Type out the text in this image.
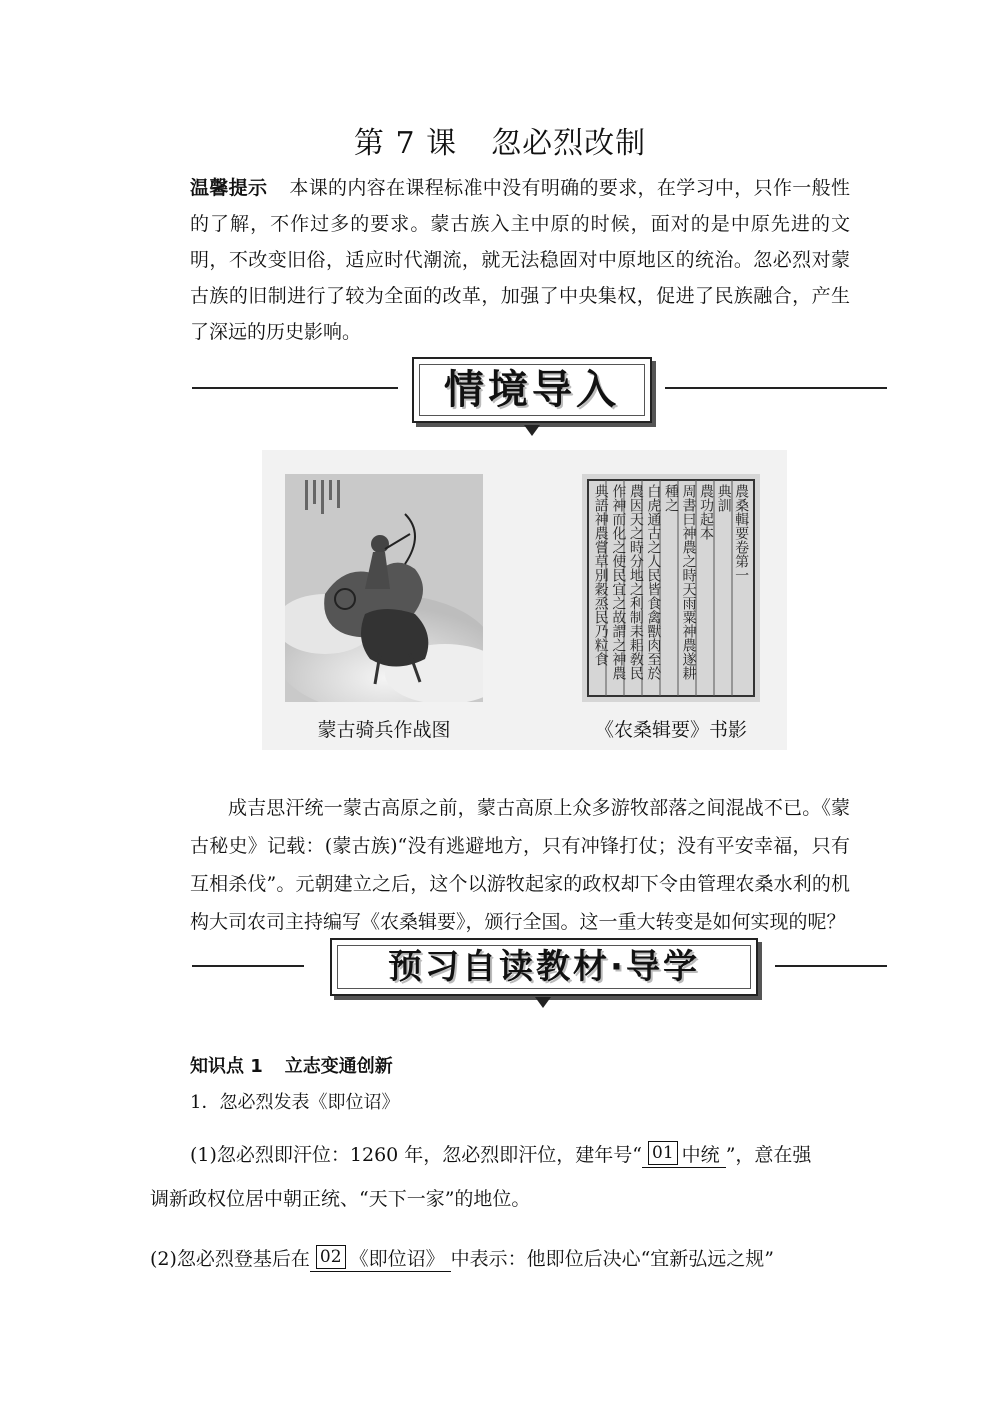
第 7 课 忽必烈改制

温馨提示 本课的内容在课程标准中没有明确的要求，在学习中，只作一般性的了解，不作过多的要求。蒙古族入主中原的时候，面对的是中原先进的文明，不改变旧俗，适应时代潮流，就无法稳固对中原地区的统治。忽必烈对蒙古族的旧制进行了较为全面的改革，加强了中央集权，促进了民族融合，产生了深远的历史影响。

情境导入
農桑輯要卷第一
典訓
農功起本
周書曰神農之時天雨粟神農遂耕
種之
白虎通古之人民皆食禽獸肉至於
農因天之時分地之利制耒耜敎民
作神而化之使民宜之故謂之神農
典語神農嘗草別穀烝民乃粒食
蒙古骑兵作战图	《农桑辑要》书影
成吉思汗统一蒙古高原之前，蒙古高原上众多游牧部落之间混战不已。《蒙古秘史》记载：(蒙古族)“没有逃避地方，只有冲锋打仗；没有平安幸福，只有互相杀伐”。元朝建立之后，这个以游牧起家的政权却下令由管理农桑水利的机构大司农司主持编写《农桑辑要》，颁行全国。这一重大转变是如何实现的呢？
预习自读教材·导学
知识点 1 立志变通创新
1．忽必烈发表《即位诏》
(1)忽必烈即汗位：1260 年，忽必烈即汗位，建年号“ 01 中统 ”，意在强
调新政权位居中朝正统、“天下一家”的地位。
(2)忽必烈登基后在 02 《即位诏》 中表示：他即位后决心“宜新弘远之规”
